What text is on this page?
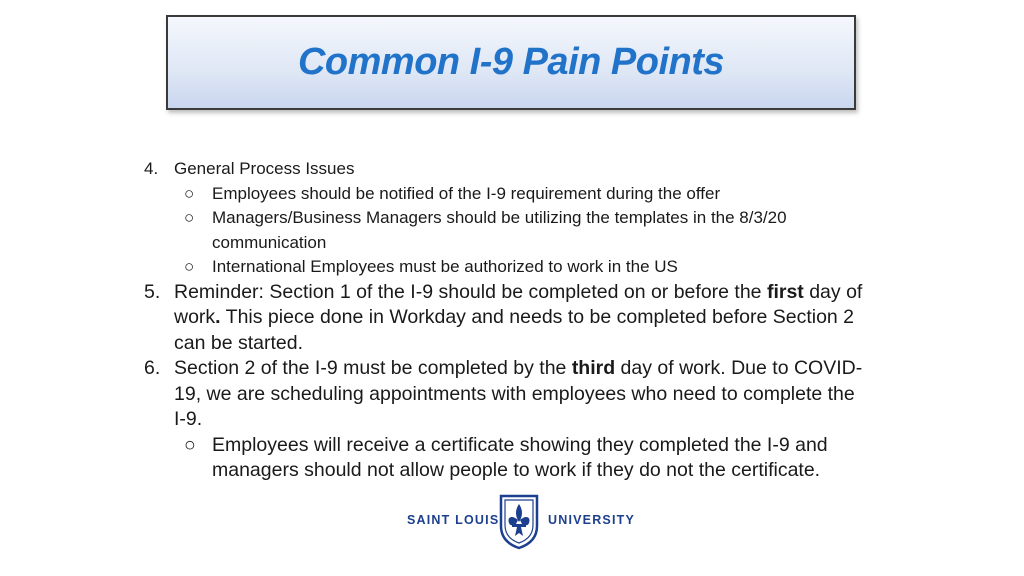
Common I-9 Pain Points
4. General Process Issues
○ Employees should be notified of the I-9 requirement during the offer
○ Managers/Business Managers should be utilizing the templates in the 8/3/20
communication
○ International Employees must be authorized to work in the US
5. Reminder: Section 1 of the I-9 should be completed on or before the first day of
work. This piece done in Workday and needs to be completed before Section 2
can be started.
6. Section 2 of the I-9 must be completed by the third day of work. Due to COVID-
19, we are scheduling appointments with employees who need to complete the
I-9.
○ Employees will receive a certificate showing they completed the I-9 and
managers should not allow people to work if they do not the certificate.
SAINT LOUIS	UNIVERSITY
